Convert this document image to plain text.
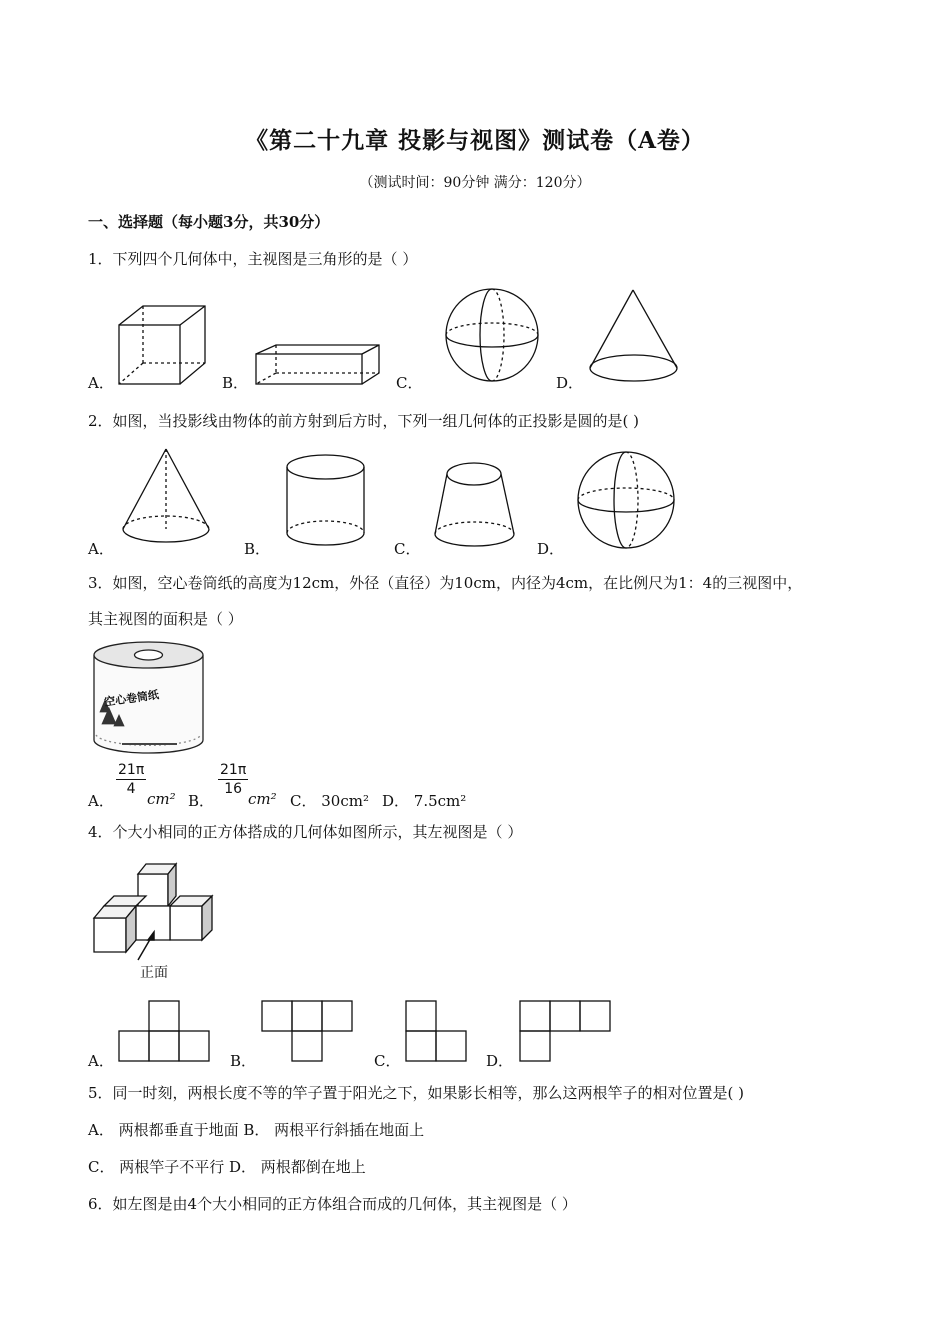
《第二十九章 投影与视图》测试卷（A卷）
（测试时间：90分钟 满分：120分）
一、选择题（每小题3分，共30分）
1．下列四个几何体中，主视图是三角形的是（ ）
A．	B．	C．	D．
2．如图，当投影线由物体的前方射到后方时，下列一组几何体的正投影是圆的是( )
A．	B．	C．	D．
3．如图，空心卷筒纸的高度为12cm，外径（直径）为10cm，内径为4cm，在比例尺为1：4的三视图中，
其主视图的面积是（ ）
空心卷筒纸
A．
$\frac{21\pi}{4}$
cm² B．
$\frac{21\pi}{16}$
cm² C． 30cm² D． 7.5cm²
4．个大小相同的正方体搭成的几何体如图所示，其左视图是（ ）
正面
A．	B．	C．	D．
5．同一时刻，两根长度不等的竿子置于阳光之下，如果影长相等，那么这两根竿子的相对位置是( )
A． 两根都垂直于地面 B． 两根平行斜插在地面上
C． 两根竿子不平行 D． 两根都倒在地上
6．如左图是由4个大小相同的正方体组合而成的几何体，其主视图是（ ）
